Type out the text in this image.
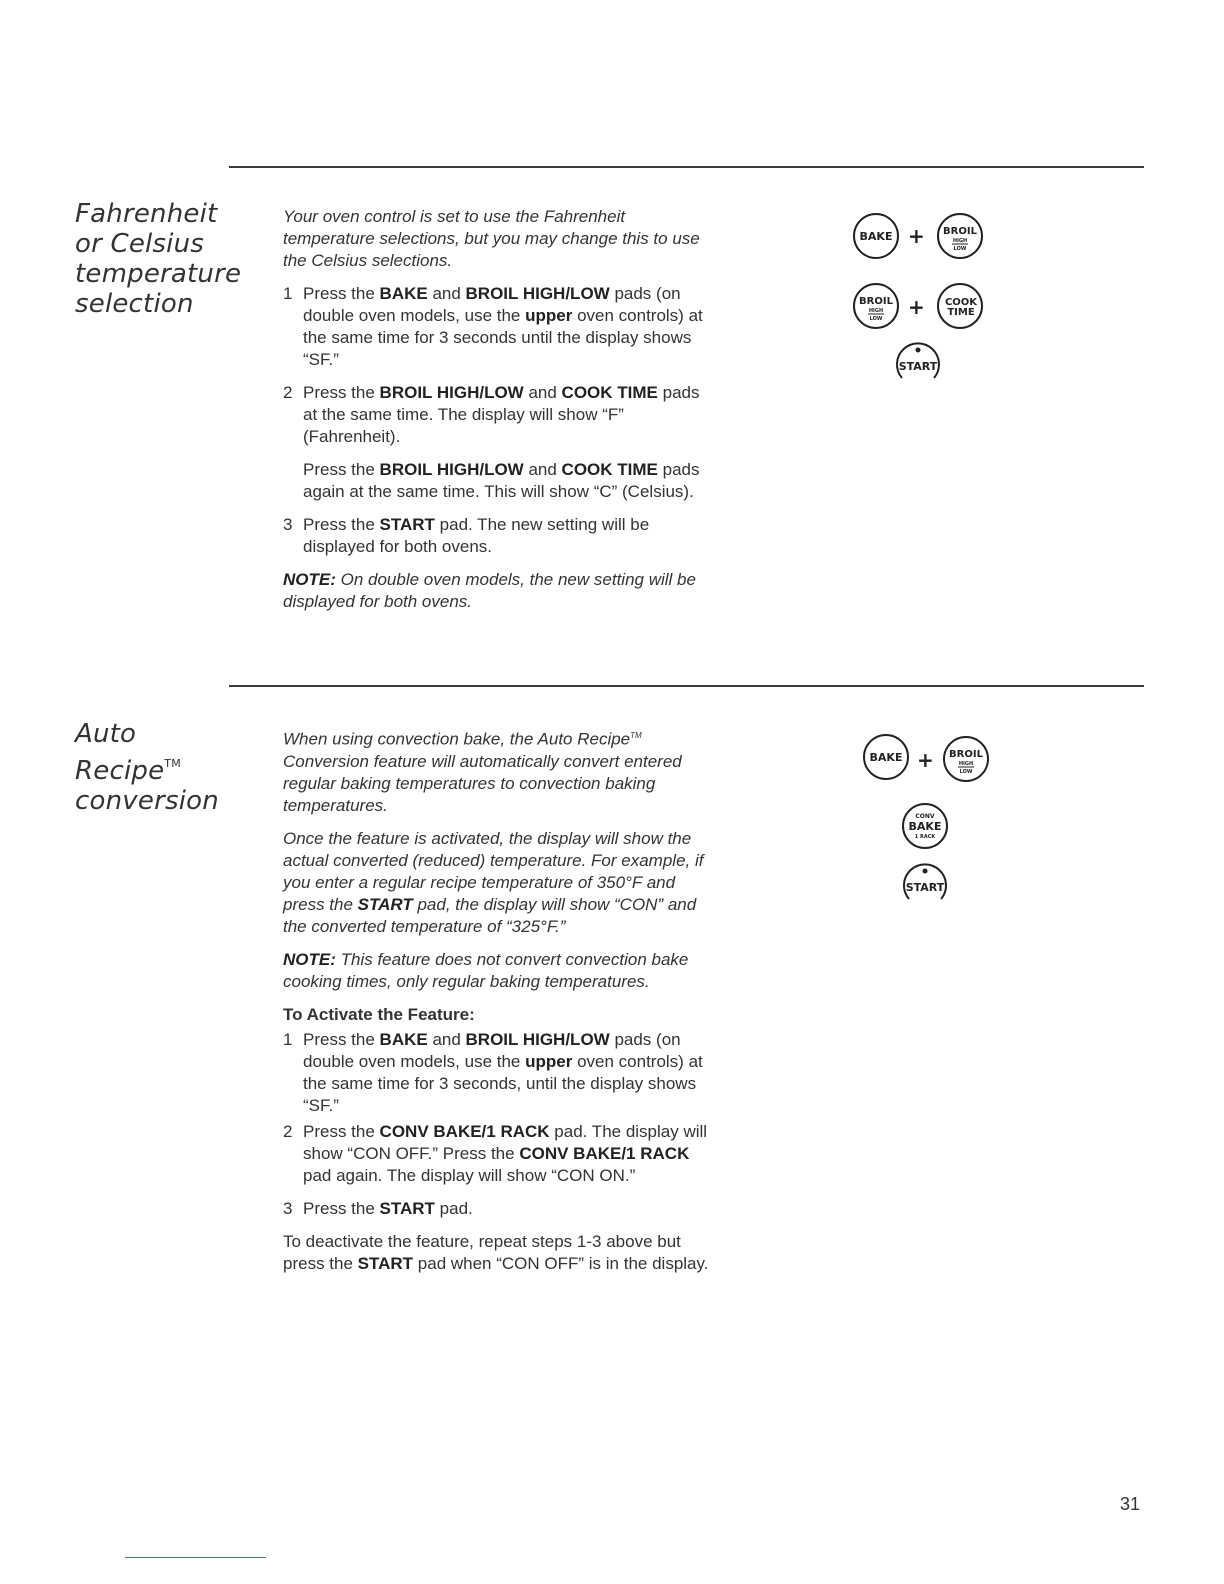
Fahrenheit
or Celsius
temperature
selection

Your oven control is set to use the Fahrenheit temperature selections, but you may change this to use the Celsius selections.

1 Press the BAKE and BROIL HIGH/LOW pads (on double oven models, use the upper oven controls) at the same time for 3 seconds until the display shows “SF.”
2 Press the BROIL HIGH/LOW and COOK TIME pads at the same time. The display will show “F” (Fahrenheit).
Press the BROIL HIGH/LOW and COOK TIME pads again at the same time. This will show “C” (Celsius).
3 Press the START pad. The new setting will be displayed for both ovens.

NOTE: On double oven models, the new setting will be displayed for both ovens.

BAKE + BROIL
HIGH
LOW
BROIL
HIGH
LOW + COOK
TIME
START
Auto
Recipe™
conversion

When using convection bake, the Auto Recipe™ Conversion feature will automatically convert entered regular baking temperatures to convection baking temperatures.

Once the feature is activated, the display will show the actual converted (reduced) temperature. For example, if you enter a regular recipe temperature of 350°F and press the START pad, the display will show “CON” and the converted temperature of “325°F.”

NOTE: This feature does not convert convection bake cooking times, only regular baking temperatures.

To Activate the Feature:

1 Press the BAKE and BROIL HIGH/LOW pads (on double oven models, use the upper oven controls) at the same time for 3 seconds, until the display shows “SF.”
2 Press the CONV BAKE/1 RACK pad. The display will show “CON OFF.” Press the CONV BAKE/1 RACK pad again. The display will show “CON ON.”
3 Press the START pad.

To deactivate the feature, repeat steps 1-3 above but press the START pad when “CON OFF” is in the display.

BAKE + BROIL
HIGH
LOW
CONV
BAKE
1 RACK
START
31
